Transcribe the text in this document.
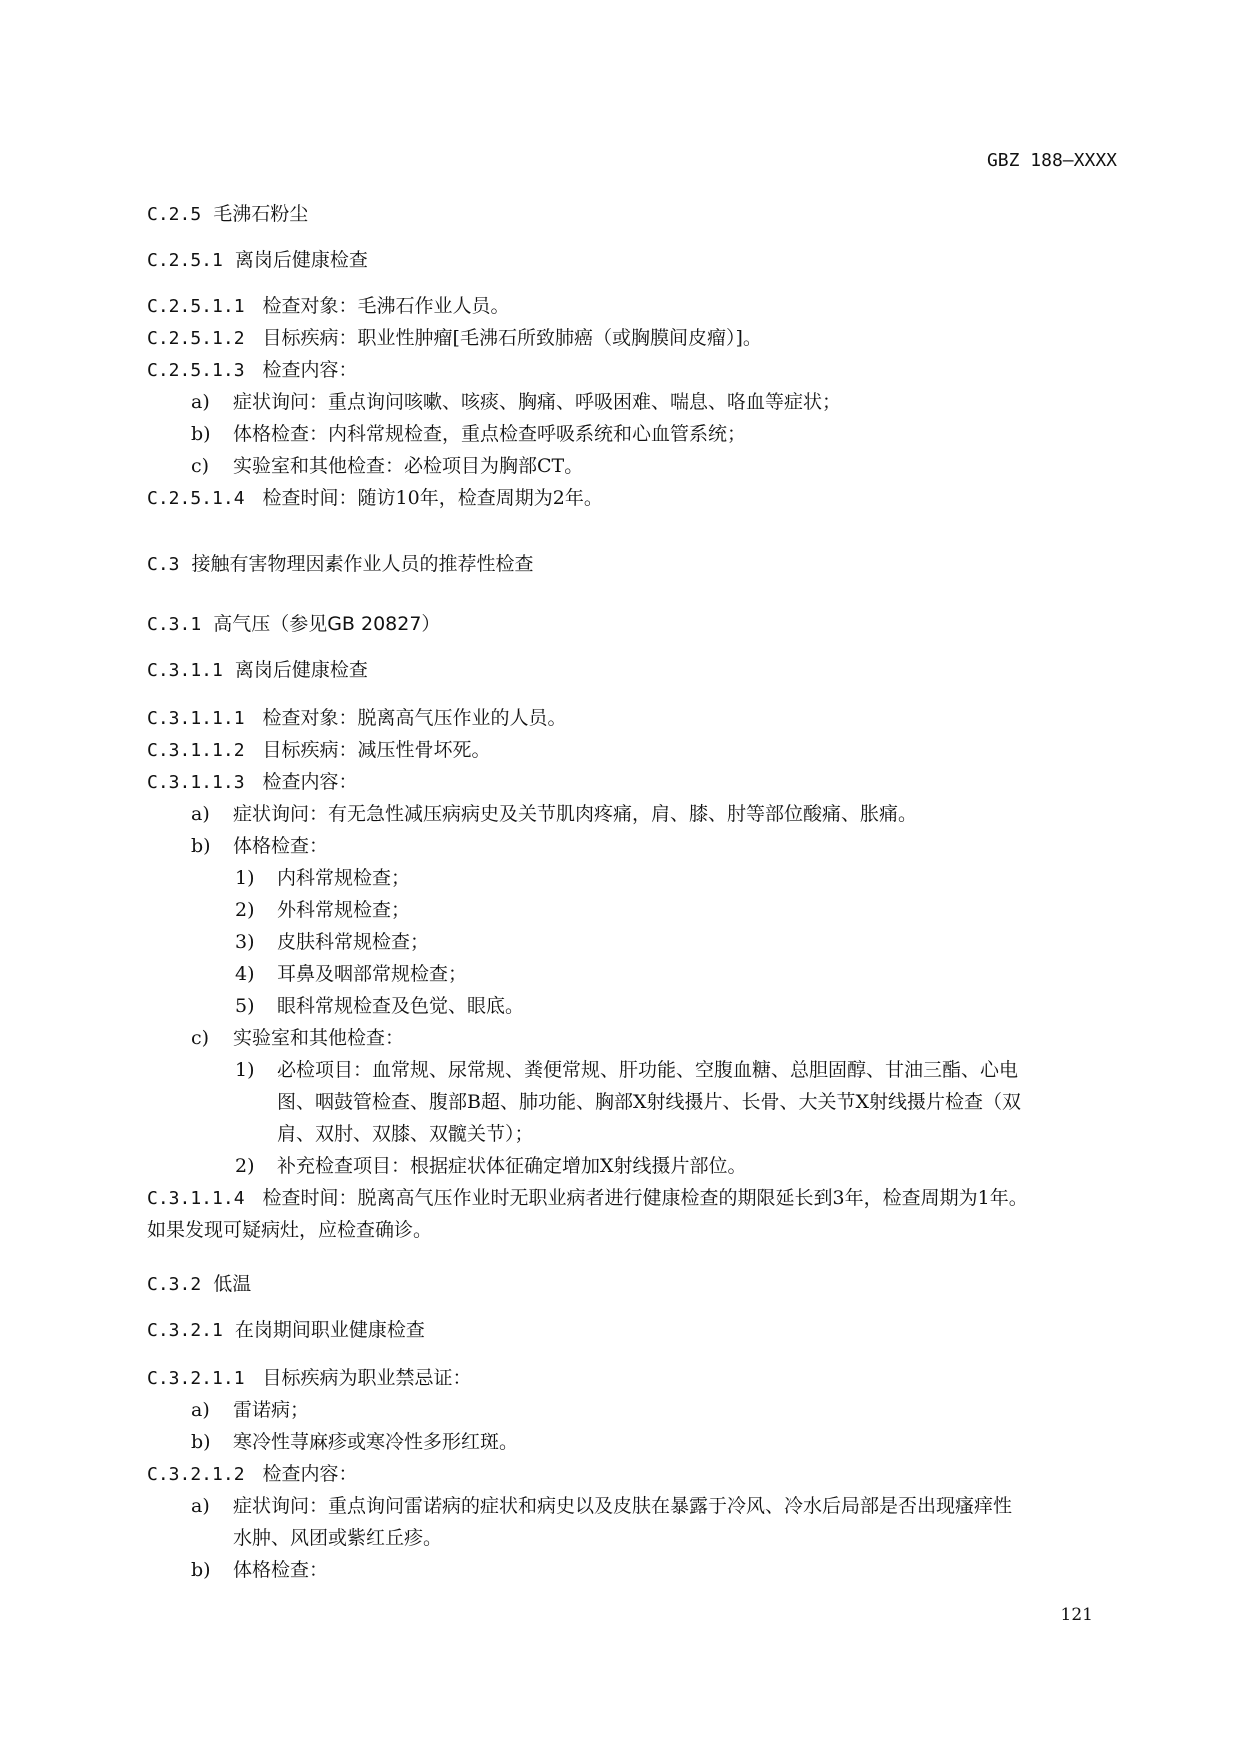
GBZ 188—XXXX
C.2.5 毛沸石粉尘
C.2.5.1 离岗后健康检查
C.2.5.1.1 检查对象：毛沸石作业人员。
C.2.5.1.2 目标疾病：职业性肿瘤[毛沸石所致肺癌（或胸膜间皮瘤）]。
C.2.5.1.3 检查内容：
a) 症状询问：重点询问咳嗽、咳痰、胸痛、呼吸困难、喘息、咯血等症状；
b) 体格检查：内科常规检查，重点检查呼吸系统和心血管系统；
c) 实验室和其他检查：必检项目为胸部CT。
C.2.5.1.4 检查时间：随访10年，检查周期为2年。
C.3 接触有害物理因素作业人员的推荐性检查
C.3.1 高气压（参见GB 20827）
C.3.1.1 离岗后健康检查
C.3.1.1.1 检查对象：脱离高气压作业的人员。
C.3.1.1.2 目标疾病：减压性骨坏死。
C.3.1.1.3 检查内容：
a) 症状询问：有无急性减压病病史及关节肌肉疼痛，肩、膝、肘等部位酸痛、胀痛。
b) 体格检查：
1) 内科常规检查；
2) 外科常规检查；
3) 皮肤科常规检查；
4) 耳鼻及咽部常规检查；
5) 眼科常规检查及色觉、眼底。
c) 实验室和其他检查：
1) 必检项目：血常规、尿常规、粪便常规、肝功能、空腹血糖、总胆固醇、甘油三酯、心电
图、咽鼓管检查、腹部B超、肺功能、胸部X射线摄片、长骨、大关节X射线摄片检查（双
肩、双肘、双膝、双髋关节）；
2) 补充检查项目：根据症状体征确定增加X射线摄片部位。
C.3.1.1.4 检查时间：脱离高气压作业时无职业病者进行健康检查的期限延长到3年，检查周期为1年。
如果发现可疑病灶，应检查确诊。
C.3.2 低温
C.3.2.1 在岗期间职业健康检查
C.3.2.1.1 目标疾病为职业禁忌证：
a) 雷诺病；
b) 寒冷性荨麻疹或寒冷性多形红斑。
C.3.2.1.2 检查内容：
a) 症状询问：重点询问雷诺病的症状和病史以及皮肤在暴露于冷风、冷水后局部是否出现瘙痒性
水肿、风团或紫红丘疹。
b) 体格检查：
121
